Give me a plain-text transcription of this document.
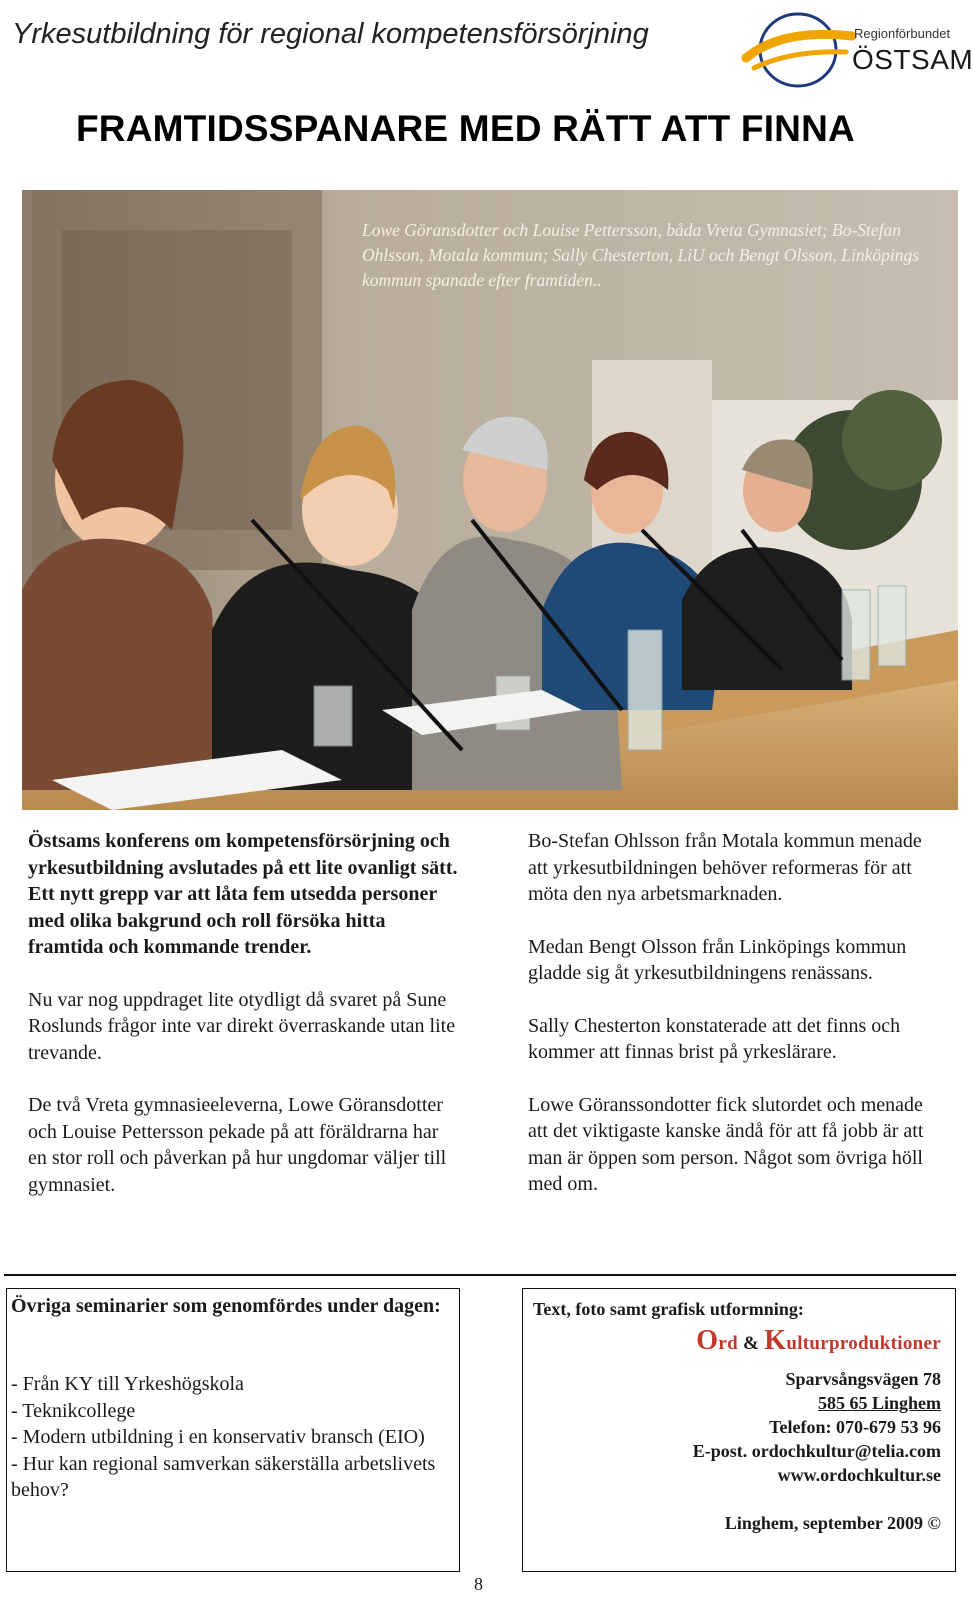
Yrkesutbildning för regional kompetensförsörjning	Regionförbundet
ÖSTSAM
FRAMTIDSSPANARE MED RÄTT ATT FINNA
Lowe Göransdotter och Louise Pettersson, båda Vreta Gymnasiet; Bo-Stefan Ohlsson, Motala kommun; Sally Chesterton, LiU och Bengt Olsson, Linköpings kommun spanade efter framtiden..

Östsams konferens om kompetensförsörjning och yrkesutbildning avslutades på ett lite ovanligt sätt. Ett nytt grepp var att låta fem utsedda personer med olika bakgrund och roll försöka hitta framtida och kommande trender.

Nu var nog uppdraget lite otydligt då svaret på Sune Roslunds frågor inte var direkt överraskande utan lite trevande.

De två Vreta gymnasieeleverna, Lowe Göransdotter och Louise Pettersson pekade på att föräldrarna har en stor roll och påverkan på hur ungdomar väljer till gymnasiet.

Bo-Stefan Ohlsson från Motala kommun menade att yrkesutbildningen behöver reformeras för att möta den nya arbetsmarknaden.

Medan Bengt Olsson från Linköpings kommun gladde sig åt yrkesutbildningens renässans.

Sally Chesterton konstaterade att det finns och kommer att finnas brist på yrkeslärare.

Lowe Göranssondotter fick slutordet och menade att det viktigaste kanske ändå för att få jobb är att man är öppen som person. Något som övriga höll med om.

Övriga seminarier som genomfördes under dagen:
- Från KY till Yrkeshögskola
- Teknikcollege
- Modern utbildning i en konservativ bransch (EIO)
- Hur kan regional samverkan säkerställa arbetslivets behov?
Text, foto samt grafisk utformning:
Ord & Kulturproduktioner
Sparvsångsvägen 78
585 65 Linghem
Telefon: 070-679 53 96
E-post. ordochkultur@telia.com
www.ordochkultur.se
Linghem, september 2009 ©
8
